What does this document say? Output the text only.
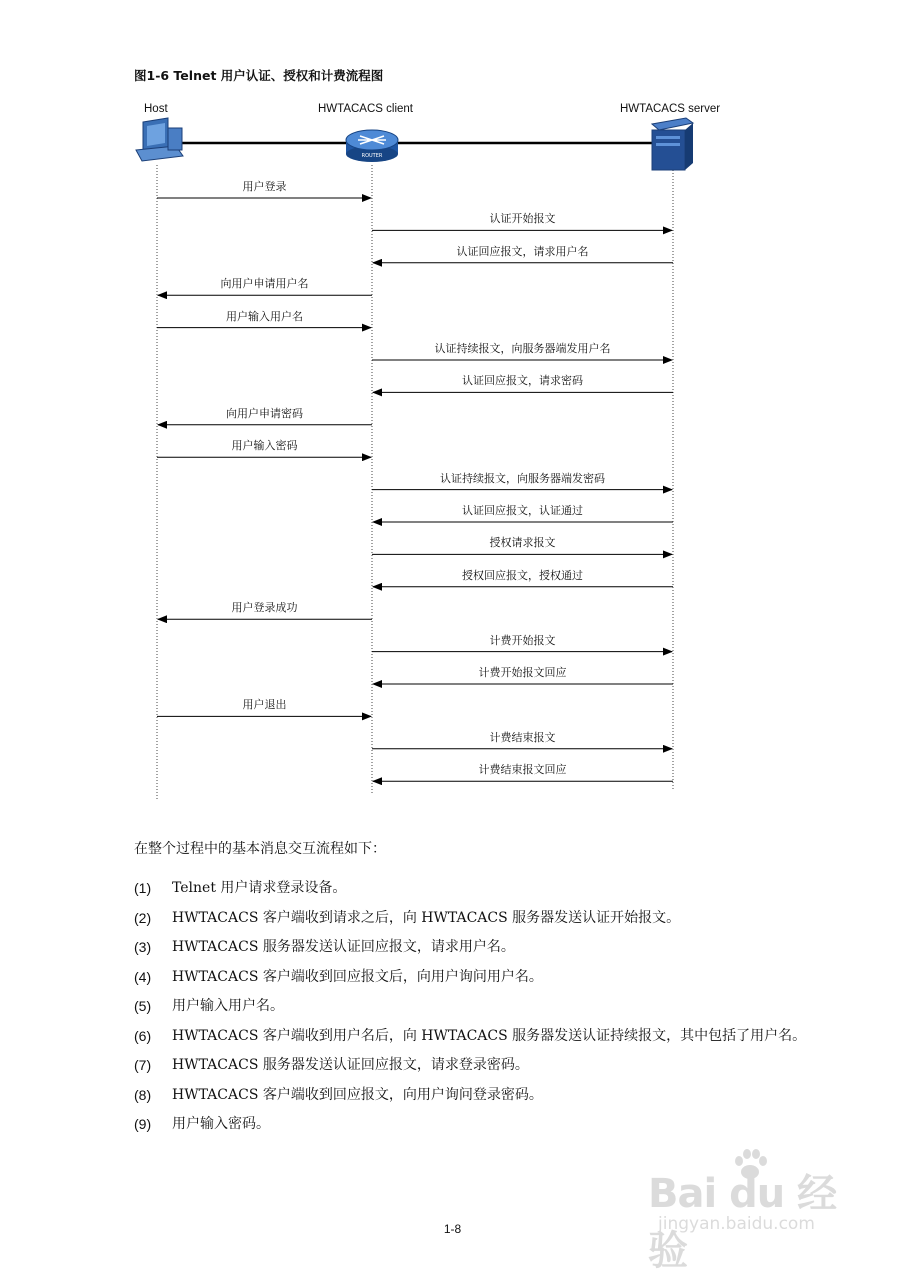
图1-6 Telnet 用户认证、授权和计费流程图
Host	HWTACACS client	HWTACACS server
ROUTER
用户登录
认证开始报文
认证回应报文，请求用户名
向用户申请用户名
用户输入用户名
认证持续报文，向服务器端发用户名
认证回应报文，请求密码
向用户申请密码
用户输入密码
认证持续报文，向服务器端发密码
认证回应报文，认证通过
授权请求报文
授权回应报文，授权通过
用户登录成功
计费开始报文
计费开始报文回应
用户退出
计费结束报文
计费结束报文回应
在整个过程中的基本消息交互流程如下：
(1)	Telnet 用户请求登录设备。
(2)	HWTACACS 客户端收到请求之后，向 HWTACACS 服务器发送认证开始报文。
(3)	HWTACACS 服务器发送认证回应报文，请求用户名。
(4)	HWTACACS 客户端收到回应报文后，向用户询问用户名。
(5)	用户输入用户名。
(6)	HWTACACS 客户端收到用户名后，向 HWTACACS 服务器发送认证持续报文，其中包括了用户名。
(7)	HWTACACS 服务器发送认证回应报文，请求登录密码。
(8)	HWTACACS 客户端收到回应报文，向用户询问登录密码。
(9)	用户输入密码。
1-8
Bai du 经验
jingyan.baidu.com
